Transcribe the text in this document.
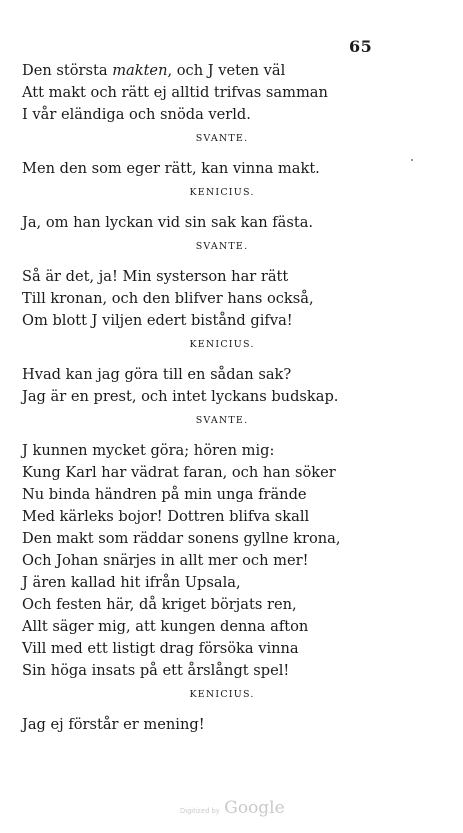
65
Den största makten, och J veten väl
Att makt och rätt ej alltid trifvas samman
I vår eländiga och snöda verld.
SVANTE.
Men den som eger rätt, kan vinna makt.
KENICIUS.
Ja, om han lyckan vid sin sak kan fästa.
SVANTE.
Så är det, ja! Min systerson har rätt
Till kronan, och den blifver hans också,
Om blott J viljen edert bistånd gifva!
KENICIUS.
Hvad kan jag göra till en sådan sak?
Jag är en prest, och intet lyckans budskap.
SVANTE.
J kunnen mycket göra; hören mig:
Kung Karl har vädrat faran, och han söker
Nu binda händren på min unga frände
Med kärleks bojor! Dottren blifva skall
Den makt som räddar sonens gyllne krona,
Och Johan snärjes in allt mer och mer!
J ären kallad hit ifrån Upsala,
Och festen här, då kriget börjats ren,
Allt säger mig, att kungen denna afton
Vill med ett listigt drag försöka vinna
Sin höga insats på ett årslångt spel!
KENICIUS.
Jag ej förstår er mening!
Digitized by Google
